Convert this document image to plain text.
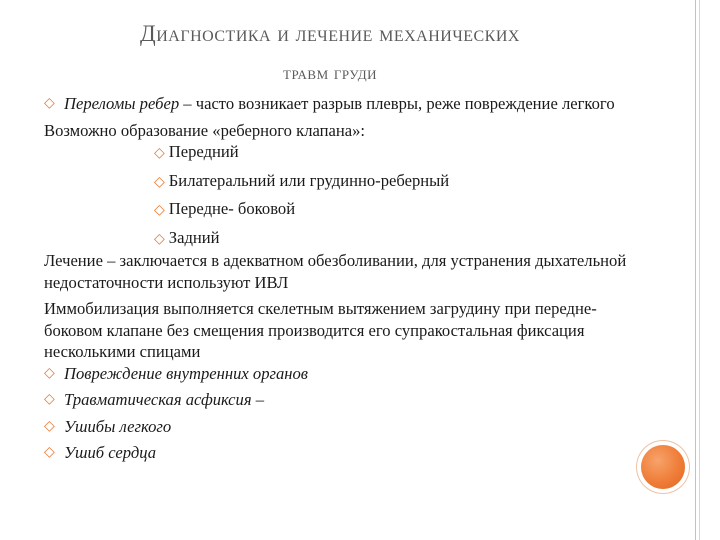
Диагностика и лечение механических
травм груди
◇ Переломы ребер – часто возникает разрыв плевры, реже повреждение легкого

Возможно образование «реберного клапана»:

◇ Передний
◇ Билатеральний или грудинно-реберный
◇ Передне- боковой
◇ Задний

Лечение – заключается в адекватном обезболивании, для устранения дыхательной недостаточности используют ИВЛ

Иммобилизация выполняется скелетным вытяжением загрудину при передне-боковом клапане без смещения производится его супракостальная фиксация несколькими спицами

◇ Повреждение внутренних органов
◇ Травматическая асфиксия –
◇ Ушибы легкого
◇ Ушиб сердца
